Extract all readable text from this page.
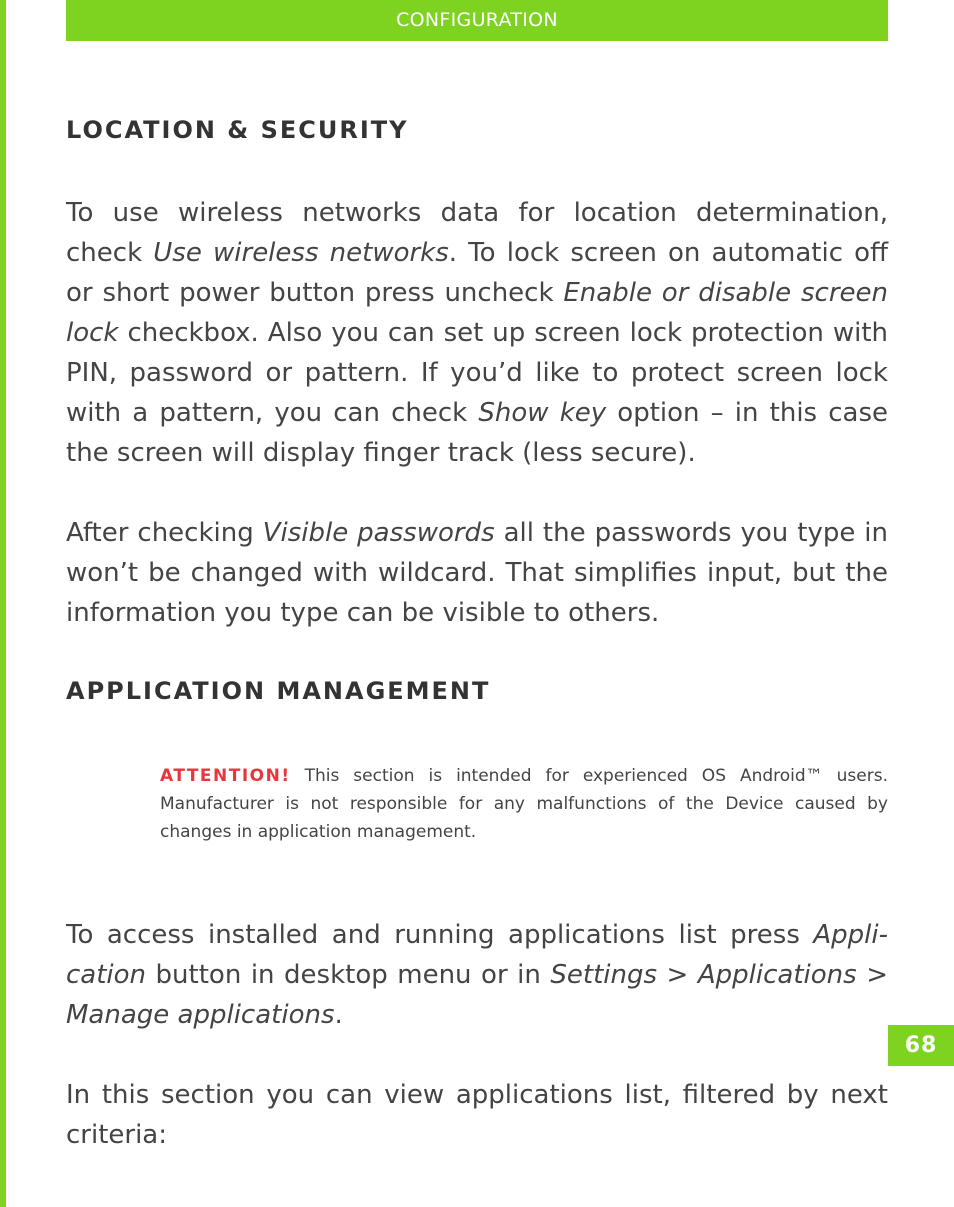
CONFIGURATION
LOCATION & SECURITY

To use wireless networks data for location determination, check Use wireless networks. To lock screen on automatic off or short power button press uncheck Enable or disable screen lock checkbox. Also you can set up screen lock protection with PIN, password or pattern. If you’d like to protect screen lock with a pattern, you can check Show key option – in this case the screen will display finger track (less secure).

After checking Visible passwords all the passwords you type in won’t be changed with wildcard. That simplifies input, but the information you type can be visible to others.

APPLICATION MANAGEMENT

ATTENTION! This section is intended for experienced OS Android™ users. Manufacturer is not responsible for any malfunctions of the Device caused by changes in application management.

To access installed and running applications list press Application button in desktop menu or in Settings > Applications > Manage applications.

In this section you can view applications list, filtered by next criteria:

68
